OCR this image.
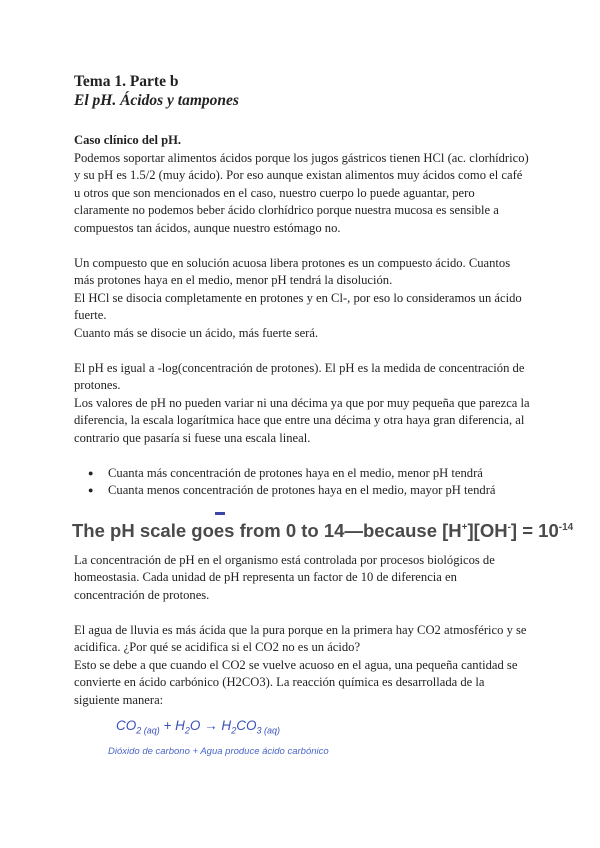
Tema 1. Parte b
El pH. Ácidos y tampones
Caso clínico del pH.

Podemos soportar alimentos ácidos porque los jugos gástricos tienen HCl (ac. clorhídrico) y su pH es 1.5/2 (muy ácido). Por eso aunque existan alimentos muy ácidos como el café u otros que son mencionados en el caso, nuestro cuerpo lo puede aguantar, pero claramente no podemos beber ácido clorhídrico porque nuestra mucosa es sensible a compuestos tan ácidos, aunque nuestro estómago no.

Un compuesto que en solución acuosa libera protones es un compuesto ácido. Cuantos más protones haya en el medio, menor pH tendrá la disolución.

El HCl se disocia completamente en protones y en Cl-, por eso lo consideramos un ácido fuerte.

Cuanto más se disocie un ácido, más fuerte será.

El pH es igual a -log(concentración de protones). El pH es la medida de concentración de protones.

Los valores de pH no pueden variar ni una décima ya que por muy pequeña que parezca la diferencia, la escala logarítmica hace que entre una décima y otra haya gran diferencia, al contrario que pasaría si fuese una escala lineal.

● Cuanta más concentración de protones haya en el medio, menor pH tendrá
● Cuanta menos concentración de protones haya en el medio, mayor pH tendrá
The pH scale goes from 0 to 14—because $[H^+][OH^-] = 10^{-14}$

La concentración de pH en el organismo está controlada por procesos biológicos de homeostasia. Cada unidad de pH representa un factor de 10 de diferencia en concentración de protones.

El agua de lluvia es más ácida que la pura porque en la primera hay CO2 atmosférico y se acidifica. ¿Por qué se acidifica si el CO2 no es un ácido?

Esto se debe a que cuando el CO2 se vuelve acuoso en el agua, una pequeña cantidad se convierte en ácido carbónico (H2CO3). La reacción química es desarrollada de la siguiente manera:

$CO_{2 (aq)} + H_2O \to H_2CO_{3 (aq)}$
Dióxido de carbono + Agua produce ácido carbónico
